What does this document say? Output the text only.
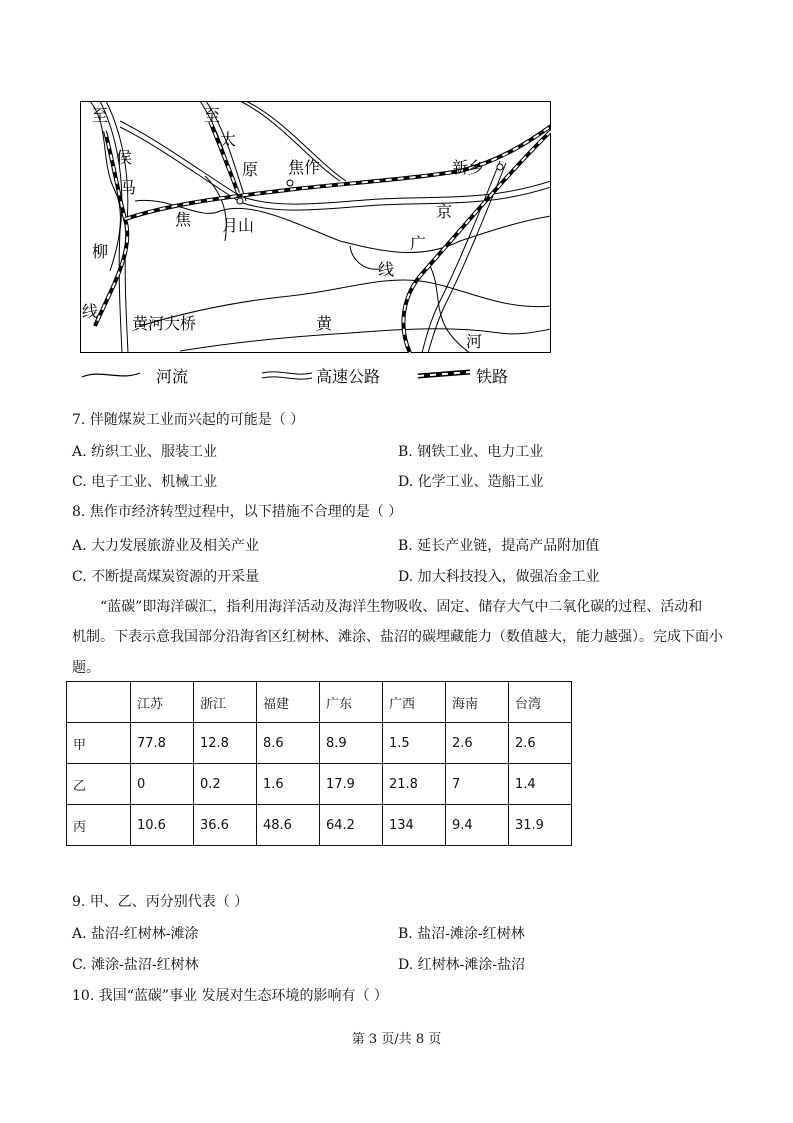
至
侯
马
柳
线
至
太
原 焦作	新乡
焦 月山
京
广
线
黄河大桥	黄
河
河流	高速公路	铁路
7. 伴随煤炭工业而兴起的可能是（ ）
A. 纺织工业、服装工业	B. 钢铁工业、电力工业
C. 电子工业、机械工业	D. 化学工业、造船工业
8. 焦作市经济转型过程中，以下措施不合理的是（ ）
A. 大力发展旅游业及相关产业	B. 延长产业链，提高产品附加值
C. 不断提高煤炭资源的开采量	D. 加大科技投入，做强冶金工业
“蓝碳”即海洋碳汇，指利用海洋活动及海洋生物吸收、固定、储存大气中二氧化碳的过程、活动和
机制。下表示意我国部分沿海省区红树林、滩涂、盐沼的碳埋藏能力（数值越大，能力越强）。完成下面小
题。
	江苏	浙江	福建	广东	广西	海南	台湾
甲	77.8	12.8	8.6	8.9	1.5	2.6	2.6
乙	0	0.2	1.6	17.9	21.8	7	1.4
丙	10.6	36.6	48.6	64.2	134	9.4	31.9
9. 甲、乙、丙分别代表（ ）
A. 盐沼-红树林-滩涂	B. 盐沼-滩涂-红树林
C. 滩涂-盐沼-红树林	D. 红树林-滩涂-盐沼
10. 我国“蓝碳”事业 发展对生态环境的影响有（ ）
第 3 页/共 8 页
